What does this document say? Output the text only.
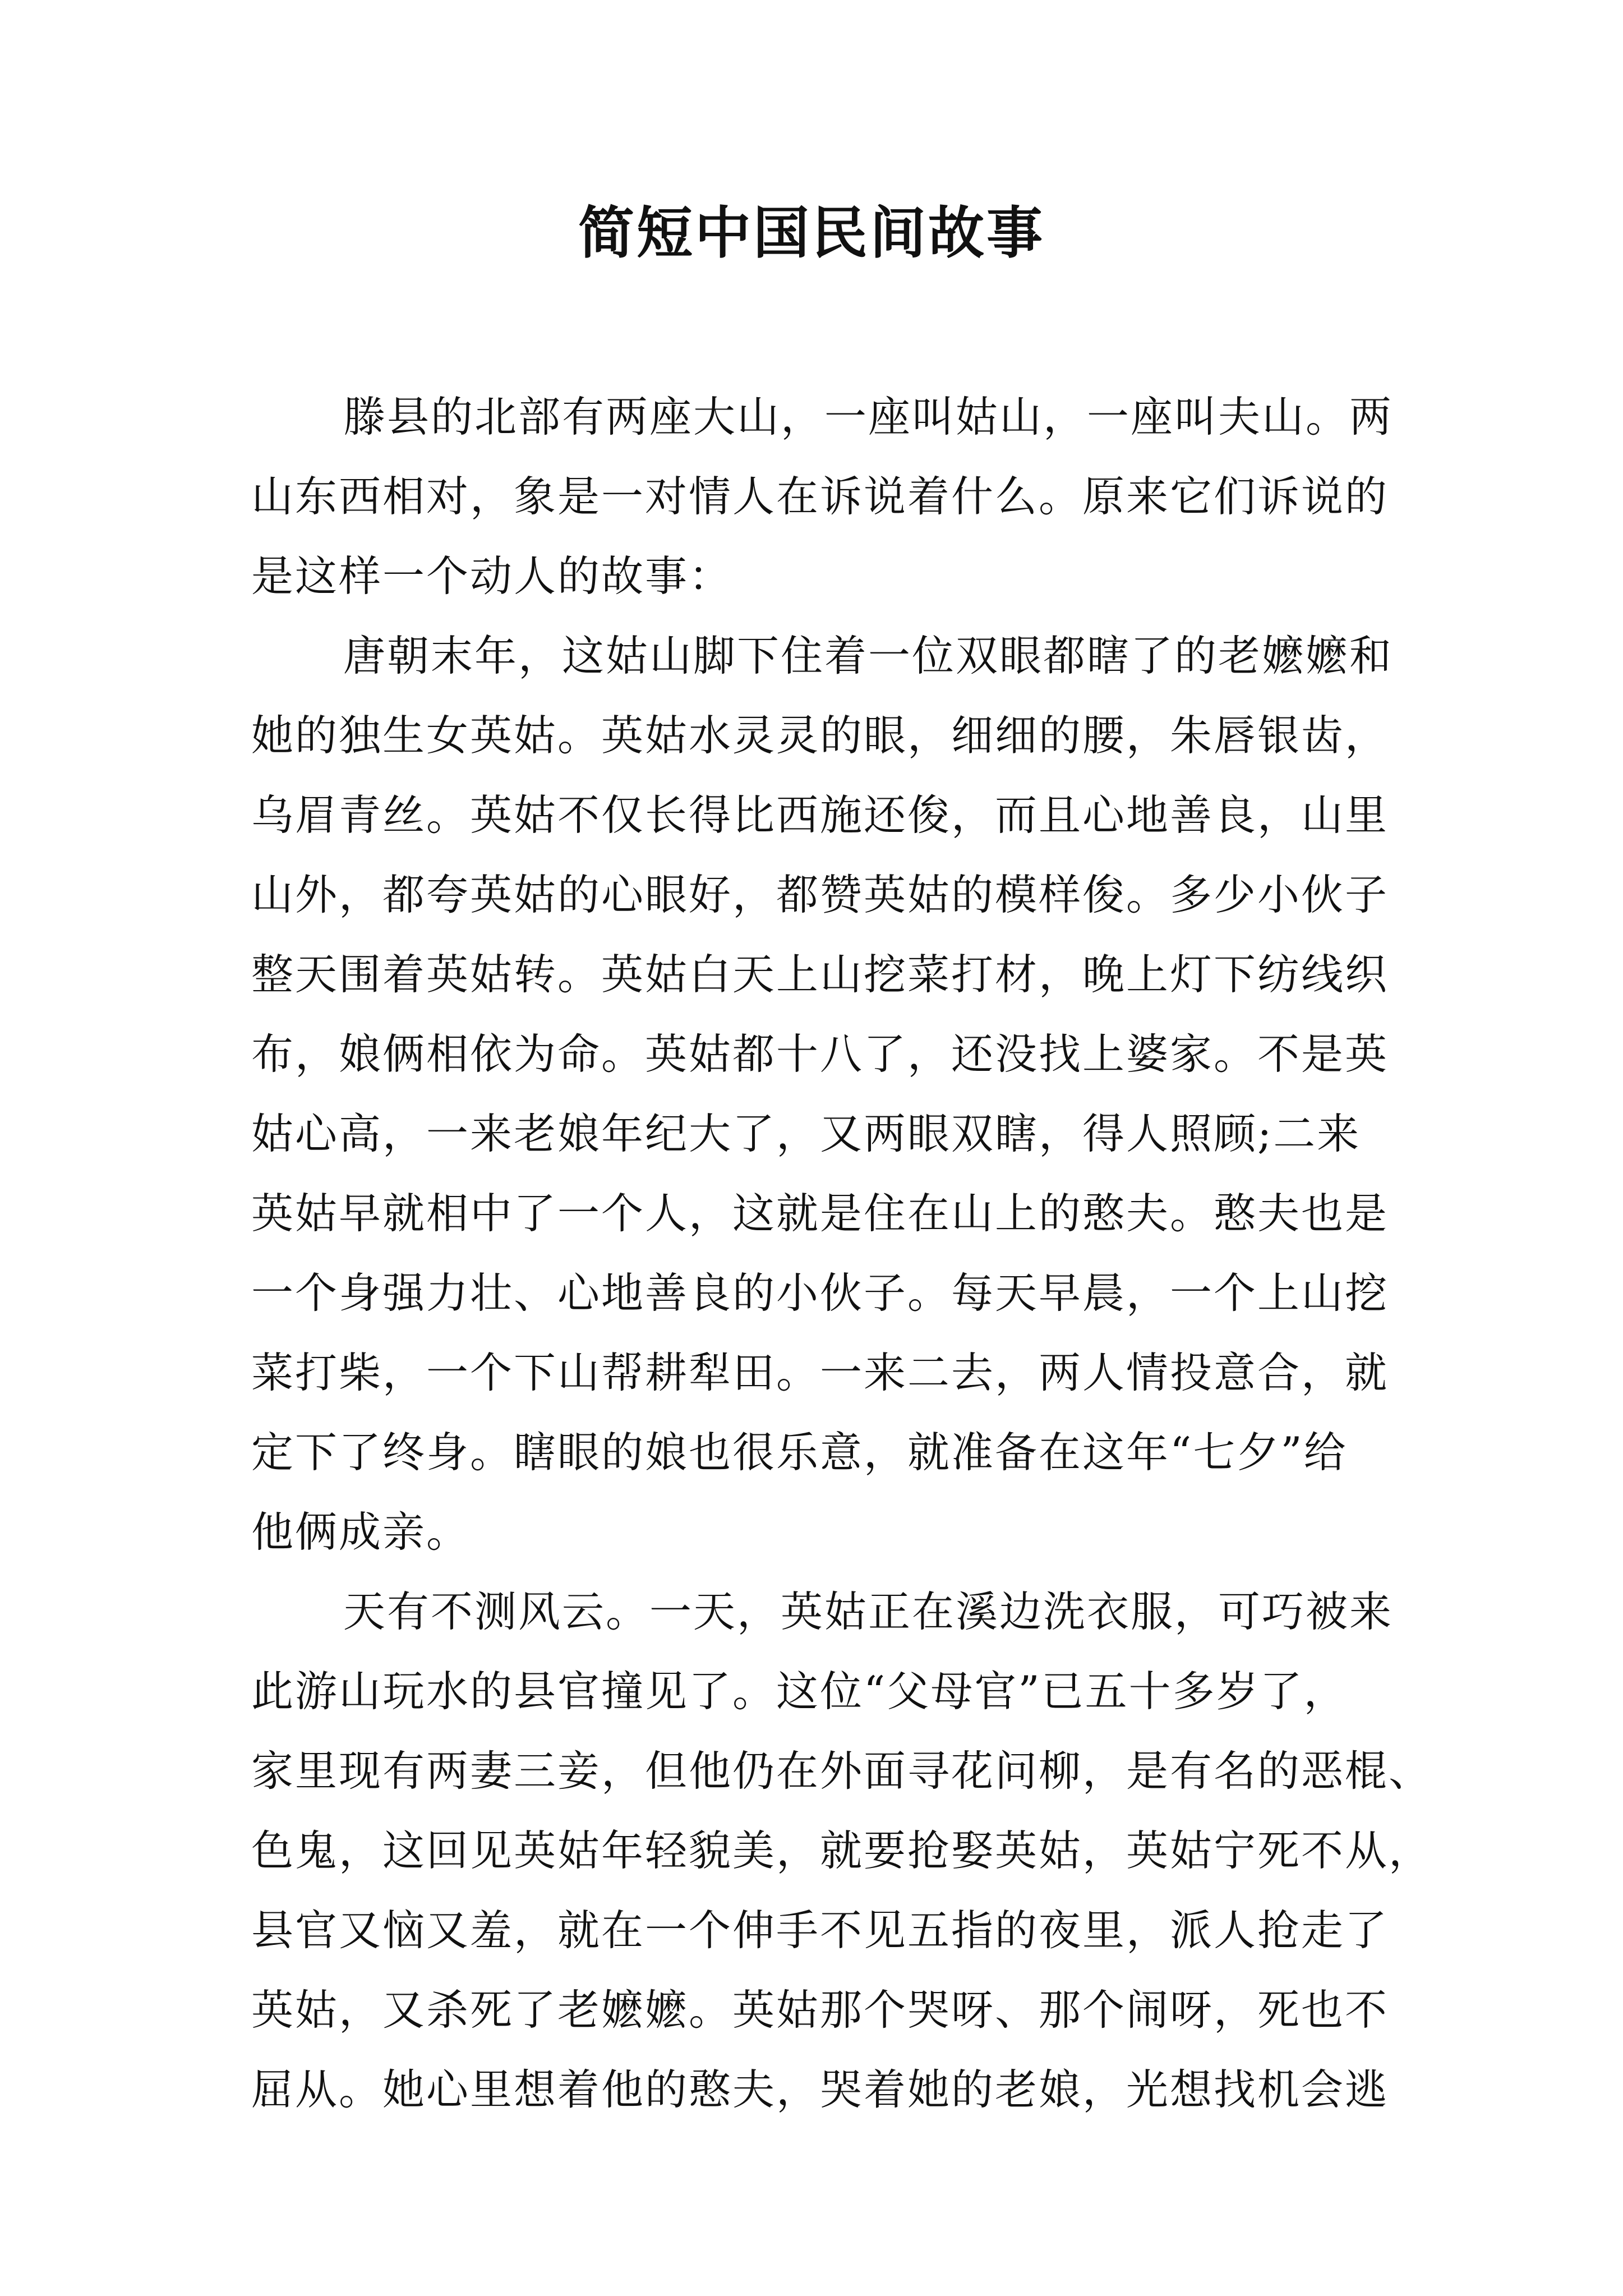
简短中国民间故事
滕县的北部有两座大山，一座叫姑山，一座叫夫山。两
山东西相对，象是一对情人在诉说着什么。原来它们诉说的
是这样一个动人的故事：
唐朝末年，这姑山脚下住着一位双眼都瞎了的老嬷嬷和
她的独生女英姑。英姑水灵灵的眼，细细的腰，朱唇银齿，
乌眉青丝。英姑不仅长得比西施还俊，而且心地善良，山里
山外，都夸英姑的心眼好，都赞英姑的模样俊。多少小伙子
整天围着英姑转。英姑白天上山挖菜打材，晚上灯下纺线织
布，娘俩相依为命。英姑都十八了，还没找上婆家。不是英
姑心高，一来老娘年纪大了，又两眼双瞎，得人照顾;二来
英姑早就相中了一个人，这就是住在山上的憨夫。憨夫也是
一个身强力壮、心地善良的小伙子。每天早晨，一个上山挖
菜打柴，一个下山帮耕犁田。一来二去，两人情投意合，就
定下了终身。瞎眼的娘也很乐意，就准备在这年“七夕”给
他俩成亲。
天有不测风云。一天，英姑正在溪边洗衣服，可巧被来
此游山玩水的县官撞见了。这位“父母官”已五十多岁了，
家里现有两妻三妾，但他仍在外面寻花问柳，是有名的恶棍、
色鬼，这回见英姑年轻貌美，就要抢娶英姑，英姑宁死不从，
县官又恼又羞，就在一个伸手不见五指的夜里，派人抢走了
英姑，又杀死了老嬷嬷。英姑那个哭呀、那个闹呀，死也不
屈从。她心里想着他的憨夫，哭着她的老娘，光想找机会逃
